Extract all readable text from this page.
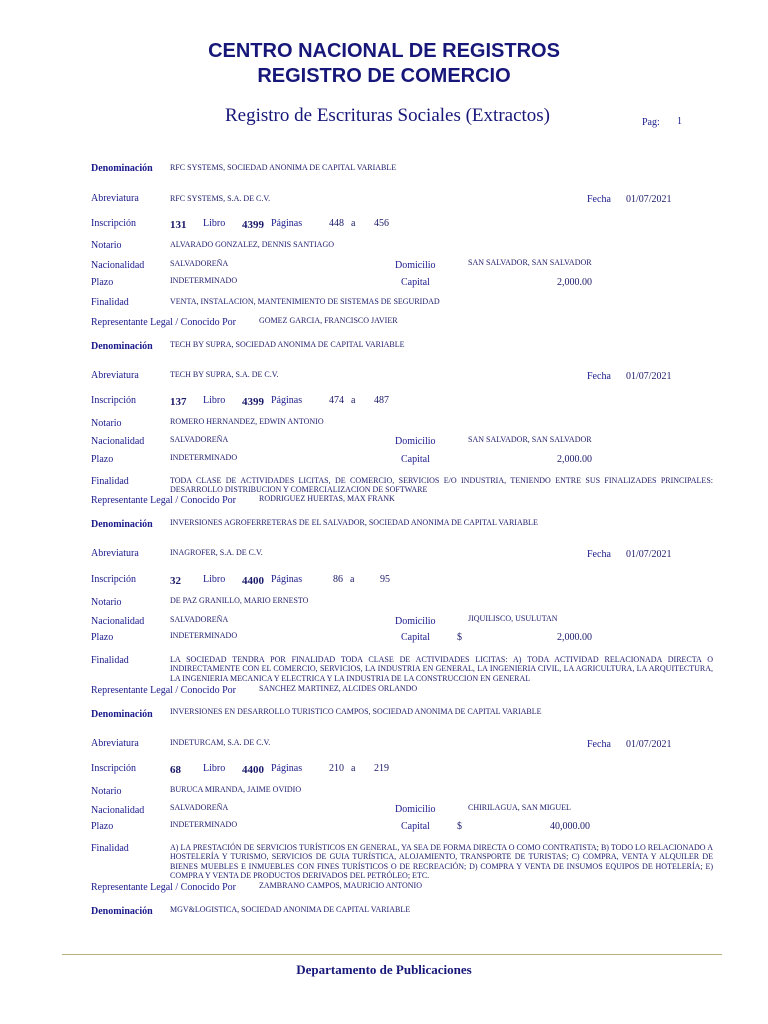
CENTRO NACIONAL DE REGISTROS
REGISTRO DE COMERCIO
Registro de Escrituras Sociales (Extractos)	Pag: 1
Denominación RFC SYSTEMS, SOCIEDAD ANONIMA DE CAPITAL VARIABLE
Abreviatura	RFC SYSTEMS, S.A. DE C.V.	Fecha 01/07/2021
Inscripción	131 Libro 4399 Páginas	448 a 456
Notario	ALVARADO GONZALEZ, DENNIS SANTIAGO
Nacionalidad	SALVADOREÑA	Domicilio	SAN SALVADOR, SAN SALVADOR
Plazo	INDETERMINADO	Capital	2,000.00
Finalidad	VENTA, INSTALACION, MANTENIMIENTO DE SISTEMAS DE SEGURIDAD
Representante Legal / Conocido Por	GOMEZ GARCIA, FRANCISCO JAVIER
Denominación TECH BY SUPRA, SOCIEDAD ANONIMA DE CAPITAL VARIABLE
Abreviatura	TECH BY SUPRA, S.A. DE C.V.	Fecha 01/07/2021
Inscripción	137 Libro 4399 Páginas	474 a 487
Notario	ROMERO HERNANDEZ, EDWIN ANTONIO
Nacionalidad	SALVADOREÑA	Domicilio	SAN SALVADOR, SAN SALVADOR
Plazo	INDETERMINADO	Capital	2,000.00
Finalidad	TODA CLASE DE ACTIVIDADES LICITAS, DE COMERCIO, SERVICIOS E/O INDUSTRIA, TENIENDO ENTRE SUS FINALIZADES PRINCIPALES: DESARROLLO DISTRIBUCION Y COMERCIALIZACION DE SOFTWARE
Representante Legal / Conocido Por	RODRIGUEZ HUERTAS, MAX FRANK
Denominación INVERSIONES AGROFERRETERAS DE EL SALVADOR, SOCIEDAD ANONIMA DE CAPITAL VARIABLE
Abreviatura	INAGROFER, S.A. DE C.V.	Fecha 01/07/2021
Inscripción	32 Libro 4400 Páginas	86 a	95
Notario	DE PAZ GRANILLO, MARIO ERNESTO
Nacionalidad	SALVADOREÑA	Domicilio	JIQUILISCO, USULUTAN
Plazo	INDETERMINADO	Capital	$	2,000.00
Finalidad	LA SOCIEDAD TENDRA POR FINALIDAD TODA CLASE DE ACTIVIDADES LICITAS: A) TODA ACTIVIDAD RELACIONADA DIRECTA O INDIRECTAMENTE CON EL COMERCIO, SERVICIOS, LA INDUSTRIA EN GENERAL, LA INGENIERIA CIVIL, LA AGRICULTURA, LA ARQUITECTURA, LA INGENIERIA MECANICA Y ELECTRICA Y LA INDUSTRIA DE LA CONSTRUCCION EN GENERAL
Representante Legal / Conocido Por	SANCHEZ MARTINEZ, ALCIDES ORLANDO
Denominación INVERSIONES EN DESARROLLO TURISTICO CAMPOS, SOCIEDAD ANONIMA DE CAPITAL VARIABLE
Abreviatura	INDETURCAM, S.A. DE C.V.	Fecha 01/07/2021
Inscripción	68 Libro 4400 Páginas	210 a 219
Notario	BURUCA MIRANDA, JAIME OVIDIO
Nacionalidad	SALVADOREÑA	Domicilio	CHIRILAGUA, SAN MIGUEL
Plazo	INDETERMINADO	Capital	$	40,000.00
Finalidad	A) LA PRESTACIÓN DE SERVICIOS TURÍSTICOS EN GENERAL, YA SEA DE FORMA DIRECTA O COMO CONTRATISTA; B) TODO LO RELACIONADO A HOSTELERÍA Y TURISMO, SERVICIOS DE GUIA TURÍSTICA, ALOJAMIENTO, TRANSPORTE DE TURISTAS; C) COMPRA, VENTA Y ALQUILER DE BIENES MUEBLES E INMUEBLES CON FINES TURÍSTICOS O DE RECREACIÓN; D) COMPRA Y VENTA DE INSUMOS EQUIPOS DE HOTELERÍA; E) COMPRA Y VENTA DE PRODUCTOS DERIVADOS DEL PETRÓLEO; ETC.
Representante Legal / Conocido Por	ZAMBRANO CAMPOS, MAURICIO ANTONIO
Denominación MGV&LOGISTICA, SOCIEDAD ANONIMA DE CAPITAL VARIABLE
Departamento de Publicaciones
